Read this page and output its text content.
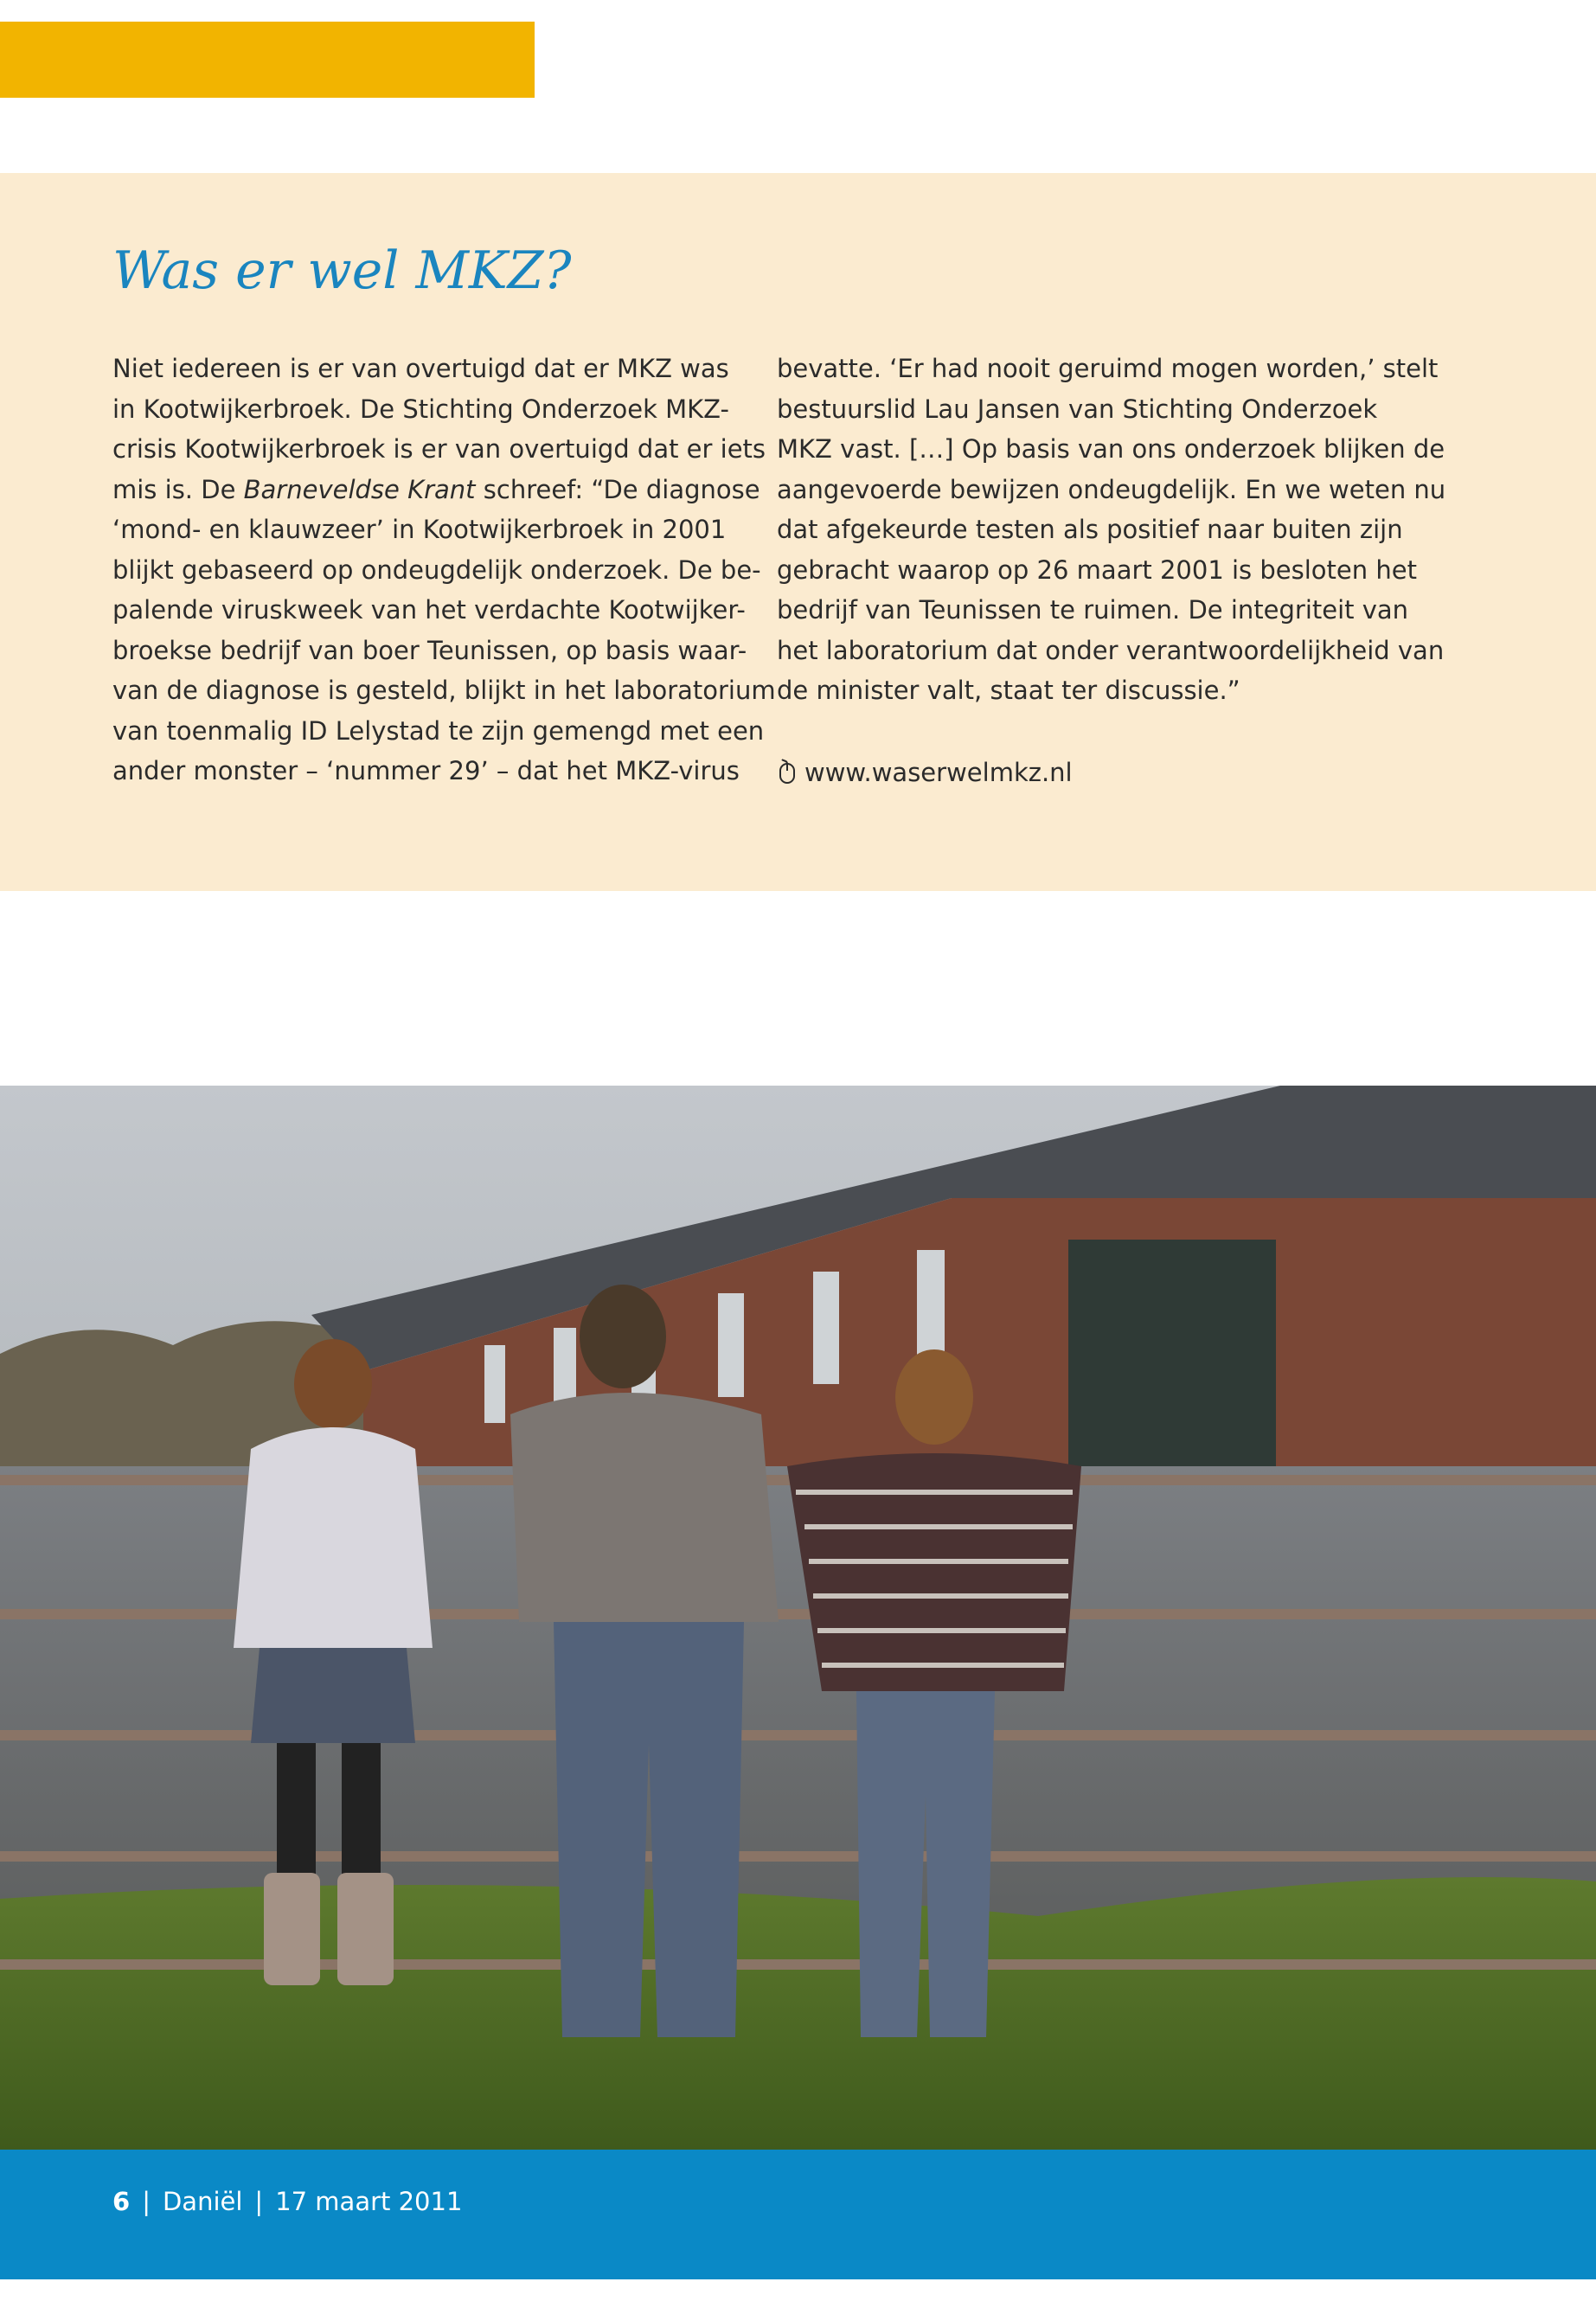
Was er wel MKZ?
Niet iedereen is er van overtuigd dat er MKZ was
in Kootwijkerbroek. De Stichting Onderzoek MKZ-
crisis Kootwijkerbroek is er van overtuigd dat er iets
mis is. De Barneveldse Krant schreef: “De diagnose
‘mond- en klauwzeer’ in Kootwijkerbroek in 2001
blijkt gebaseerd op ondeugdelijk onderzoek. De be-
palende viruskweek van het verdachte Kootwijker-
broekse bedrijf van boer Teunissen, op basis waar-
van de diagnose is gesteld, blijkt in het laboratorium
van toenmalig ID Lelystad te zijn gemengd met een
ander monster – ‘nummer 29’ – dat het MKZ-virus
bevatte. ‘Er had nooit geruimd mogen worden,’ stelt
bestuurslid Lau Jansen van Stichting Onderzoek
MKZ vast. […] Op basis van ons onderzoek blijken de
aangevoerde bewijzen ondeugdelijk. En we weten nu
dat afgekeurde testen als positief naar buiten zijn
gebracht waarop op 26 maart 2001 is besloten het
bedrijf van Teunissen te ruimen. De integriteit van
het laboratorium dat onder verantwoordelijkheid van
de minister valt, staat ter discussie.”
www.waserwelmkz.nl
6 | Daniël | 17 maart 2011
